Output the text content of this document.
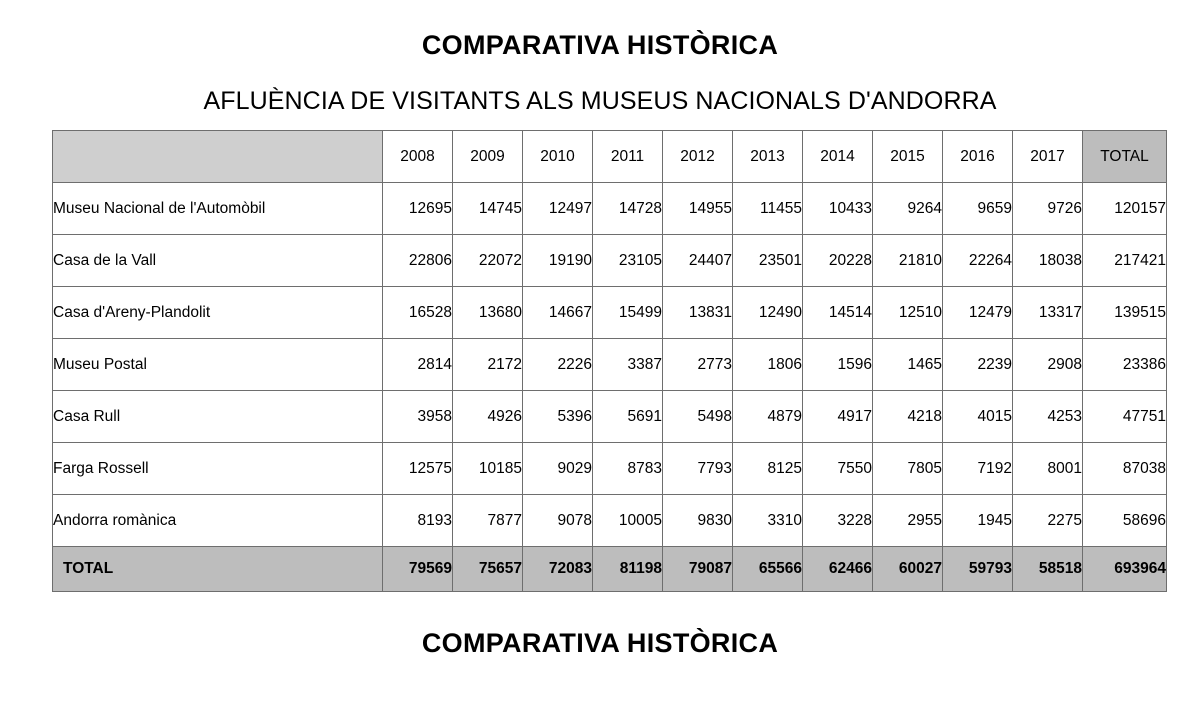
COMPARATIVA HISTÒRICA
AFLUÈNCIA DE VISITANTS ALS MUSEUS NACIONALS D'ANDORRA
	2008	2009	2010	2011	2012	2013	2014	2015	2016	2017	TOTAL
Museu Nacional de l'Automòbil	12695	14745	12497	14728	14955	11455	10433	9264	9659	9726	120157
Casa de la Vall	22806	22072	19190	23105	24407	23501	20228	21810	22264	18038	217421
Casa d'Areny-Plandolit	16528	13680	14667	15499	13831	12490	14514	12510	12479	13317	139515
Museu Postal	2814	2172	2226	3387	2773	1806	1596	1465	2239	2908	23386
Casa Rull	3958	4926	5396	5691	5498	4879	4917	4218	4015	4253	47751
Farga Rossell	12575	10185	9029	8783	7793	8125	7550	7805	7192	8001	87038
Andorra romànica	8193	7877	9078	10005	9830	3310	3228	2955	1945	2275	58696
TOTAL	79569	75657	72083	81198	79087	65566	62466	60027	59793	58518	693964
COMPARATIVA HISTÒRICA
